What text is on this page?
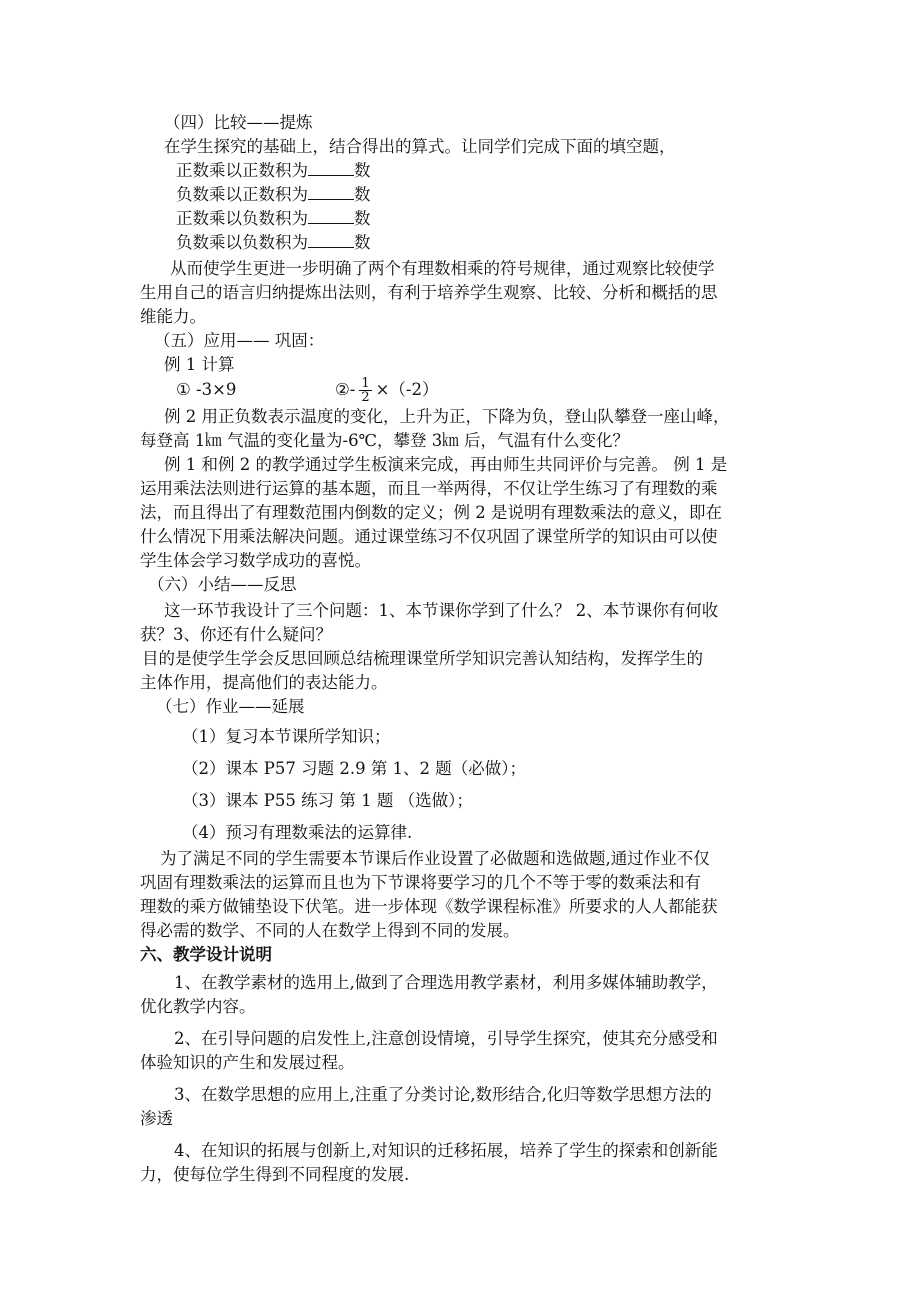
（四）比较——提炼
在学生探究的基础上，结合得出的算式。让同学们完成下面的填空题，
正数乘以正数积为	数
负数乘以正数积为	数
正数乘以负数积为	数
负数乘以负数积为	数
从而使学生更进一步明确了两个有理数相乘的符号规律，通过观察比较使学
生用自己的语言归纳提炼出法则，有利于培养学生观察、比较、分析和概括的思
维能力。
（五）应用—— 巩固：
例 1 计算
① -3×9	②- $\frac{1}{2} \times(-2)$
例 2 用正负数表示温度的变化，上升为正，下降为负，登山队攀登一座山峰，
每登高 1㎞ 气温的变化量为-6℃，攀登 3㎞ 后，气温有什么变化？
例 1 和例 2 的教学通过学生板演来完成，再由师生共同评价与完善。 例 1 是
运用乘法法则进行运算的基本题，而且一举两得，不仅让学生练习了有理数的乘
法，而且得出了有理数范围内倒数的定义；例 2 是说明有理数乘法的意义，即在
什么情况下用乘法解决问题。通过课堂练习不仅巩固了课堂所学的知识由可以使
学生体会学习数学成功的喜悦。
（六）小结——反思
这一环节我设计了三个问题：1、本节课你学到了什么？ 2、本节课你有何收
获？3、你还有什么疑问？
目的是使学生学会反思回顾总结梳理课堂所学知识完善认知结构，发挥学生的
主体作用，提高他们的表达能力。
（七）作业——延展
（1）复习本节课所学知识；
（2）课本 P57 习题 2.9 第 1、2 题（必做）；
（3）课本 P55 练习 第 1 题 （选做）；
（4）预习有理数乘法的运算律.
为了满足不同的学生需要本节课后作业设置了必做题和选做题,通过作业不仅
巩固有理数乘法的运算而且也为下节课将要学习的几个不等于零的数乘法和有
理数的乘方做铺垫设下伏笔。进一步体现《数学课程标准》所要求的人人都能获
得必需的数学、不同的人在数学上得到不同的发展。
六、教学设计说明
1、在教学素材的选用上,做到了合理选用教学素材，利用多媒体辅助教学，
优化教学内容。
2、在引导问题的启发性上,注意创设情境，引导学生探究，使其充分感受和
体验知识的产生和发展过程。
3、在数学思想的应用上,注重了分类讨论,数形结合,化归等数学思想方法的
渗透
4、在知识的拓展与创新上,对知识的迁移拓展，培养了学生的探索和创新能
力，使每位学生得到不同程度的发展.
